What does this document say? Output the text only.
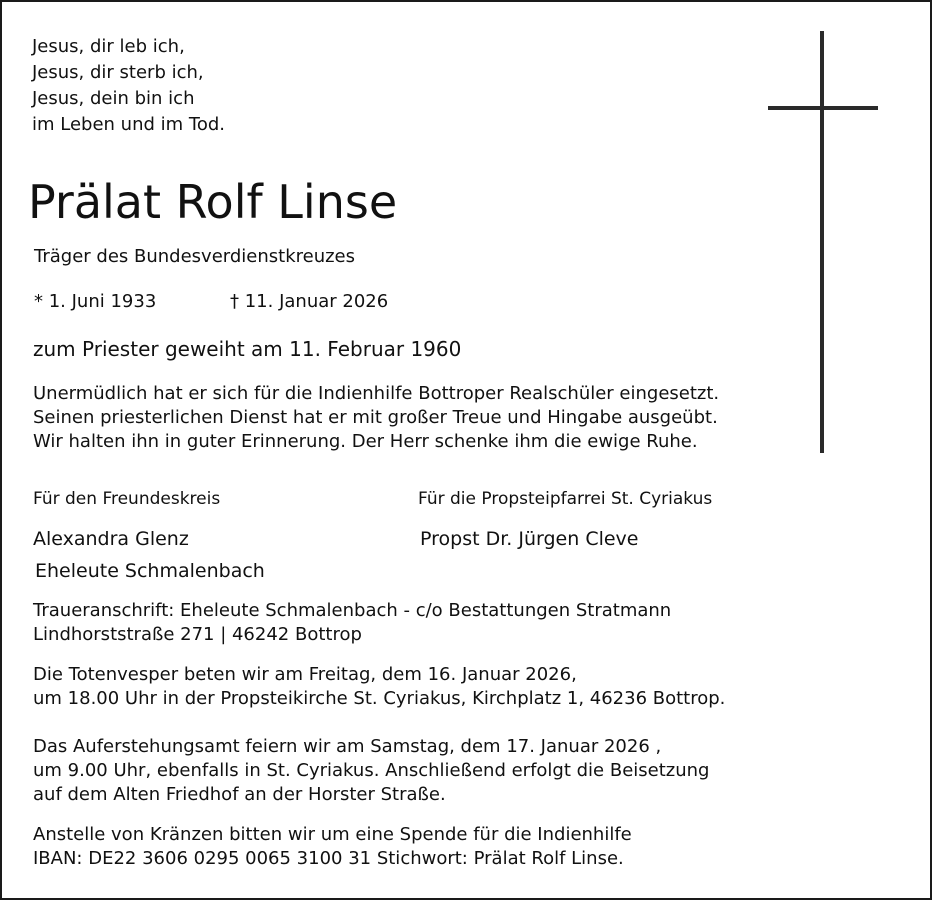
Jesus, dir leb ich,
Jesus, dir sterb ich,
Jesus, dein bin ich
im Leben und im Tod.
Prälat Rolf Linse
Träger des Bundesverdienstkreuzes
* 1. Juni 1933	† 11. Januar 2026
zum Priester geweiht am 11. Februar 1960
Unermüdlich hat er sich für die Indienhilfe Bottroper Realschüler eingesetzt.
Seinen priesterlichen Dienst hat er mit großer Treue und Hingabe ausgeübt.
Wir halten ihn in guter Erinnerung. Der Herr schenke ihm die ewige Ruhe.
Für den Freundeskreis	Für die Propsteipfarrei St. Cyriakus
Alexandra Glenz	Propst Dr. Jürgen Cleve
Eheleute Schmalenbach
Traueranschrift: Eheleute Schmalenbach - c/o Bestattungen Stratmann
Lindhorststraße 271 | 46242 Bottrop
Die Totenvesper beten wir am Freitag, dem 16. Januar 2026,
um 18.00 Uhr in der Propsteikirche St. Cyriakus, Kirchplatz 1, 46236 Bottrop.
Das Auferstehungsamt feiern wir am Samstag, dem 17. Januar 2026 ,
um 9.00 Uhr, ebenfalls in St. Cyriakus. Anschließend erfolgt die Beisetzung
auf dem Alten Friedhof an der Horster Straße.
Anstelle von Kränzen bitten wir um eine Spende für die Indienhilfe
IBAN: DE22 3606 0295 0065 3100 31 Stichwort: Prälat Rolf Linse.
